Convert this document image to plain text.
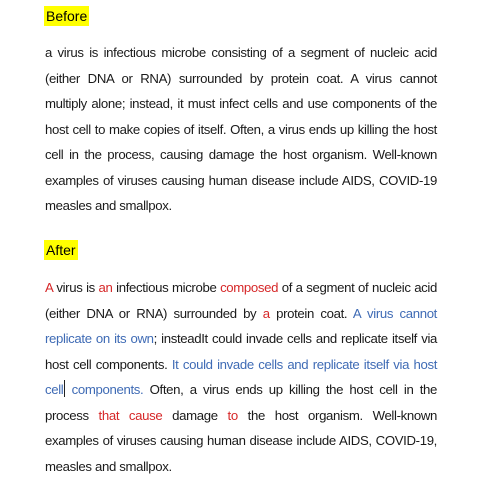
Before
a virus is infectious microbe consisting of a segment of nucleic acid (either DNA or RNA) surrounded by protein coat. A virus cannot multiply alone; instead, it must infect cells and use components of the host cell to make copies of itself. Often, a virus ends up killing the host cell in the process, causing damage the host organism. Well-known examples of viruses causing human disease include AIDS, COVID-19 measles and smallpox.
After
A virus is an infectious microbe composed of a segment of nucleic acid (either DNA or RNA) surrounded by a protein coat. A virus cannot replicate on its own; insteadIt could invade cells and replicate itself via host cell components. It could invade cells and replicate itself via host cell components. Often, a virus ends up killing the host cell in the process that cause damage to the host organism. Well-known examples of viruses causing human disease include AIDS, COVID-19, measles and smallpox.
